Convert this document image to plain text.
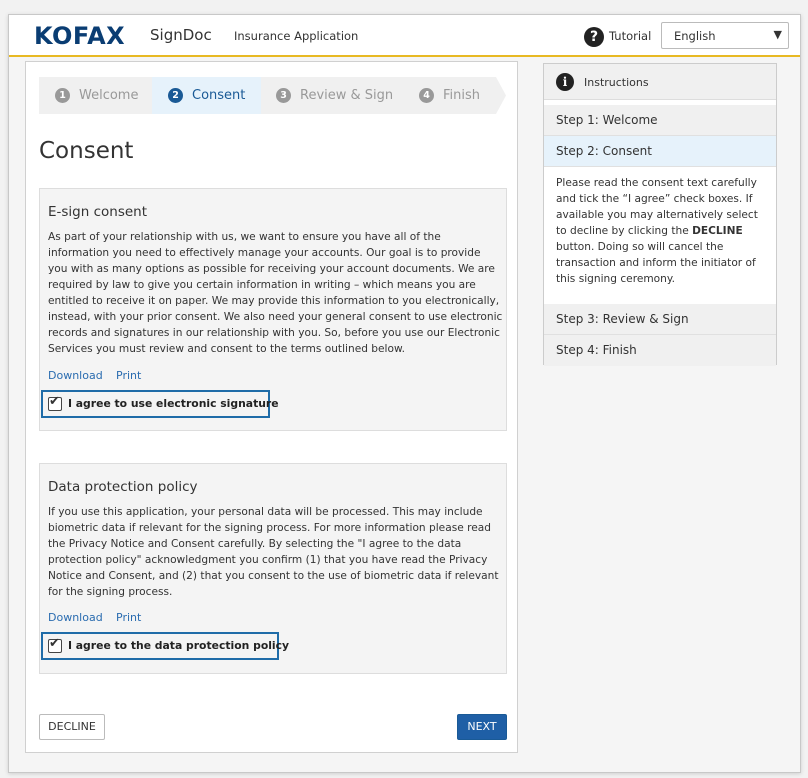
KOFAX SignDoc Insurance Application	? Tutorial	English	▼
1 Welcome	2 Consent	3 Review & Sign	4 Finish
Consent
E-sign consent

As part of your relationship with us, we want to ensure you have all of the information you need to effectively manage your accounts. Our goal is to provide you with as many options as possible for receiving your account documents. We are required by law to give you certain information in writing – which means you are entitled to receive it on paper. We may provide this information to you electronically, instead, with your prior consent. We also need your general consent to use electronic records and signatures in our relationship with you. So, before you use our Electronic Services you must review and consent to the terms outlined below.

Download Print
✔ I agree to use electronic signature
Data protection policy

If you use this application, your personal data will be processed. This may include biometric data if relevant for the signing process. For more information please read the Privacy Notice and Consent carefully. By selecting the "I agree to the data protection policy" acknowledgment you confirm (1) that you have read the Privacy Notice and Consent, and (2) that you consent to the use of biometric data if relevant for the signing process.

Download Print
✔ I agree to the data protection policy
DECLINE	NEXT
i	Instructions
Step 1: Welcome
Step 2: Consent

Please read the consent text carefully and tick the “I agree” check boxes. If available you may alternatively select to decline by clicking the DECLINE button. Doing so will cancel the transaction and inform the initiator of this signing ceremony.

Step 3: Review & Sign
Step 4: Finish
